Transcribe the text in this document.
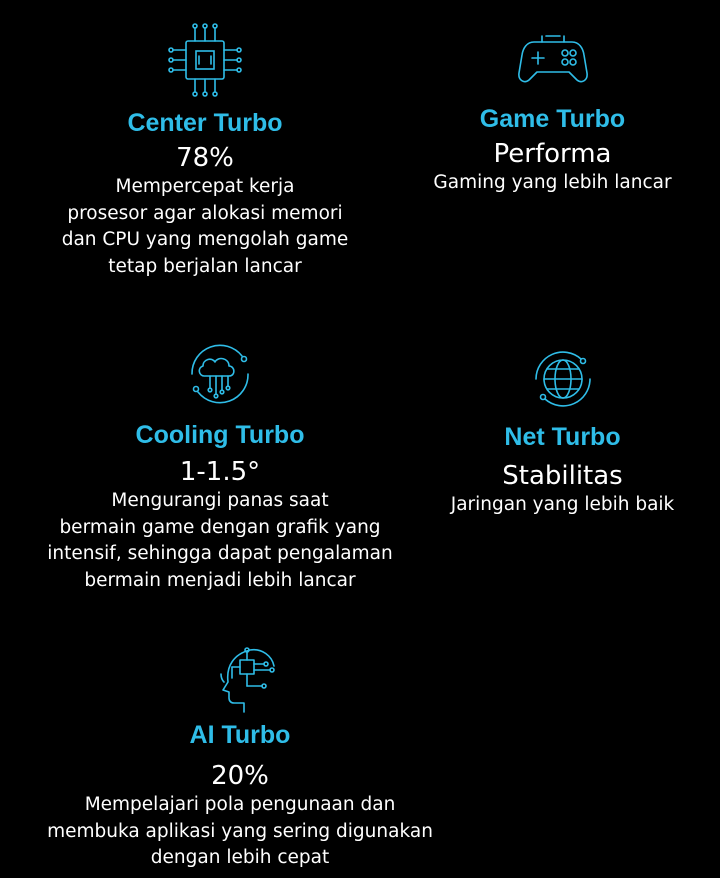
Center Turbo
78%
Mempercepat kerja
prosesor agar alokasi memori
dan CPU yang mengolah game
tetap berjalan lancar
Game Turbo
Performa
Gaming yang lebih lancar
Cooling Turbo
1-1.5°
Mengurangi panas saat
bermain game dengan grafik yang
intensif, sehingga dapat pengalaman
bermain menjadi lebih lancar
Net Turbo
Stabilitas
Jaringan yang lebih baik
AI Turbo
20%
Mempelajari pola pengunaan dan
membuka aplikasi yang sering digunakan
dengan lebih cepat
